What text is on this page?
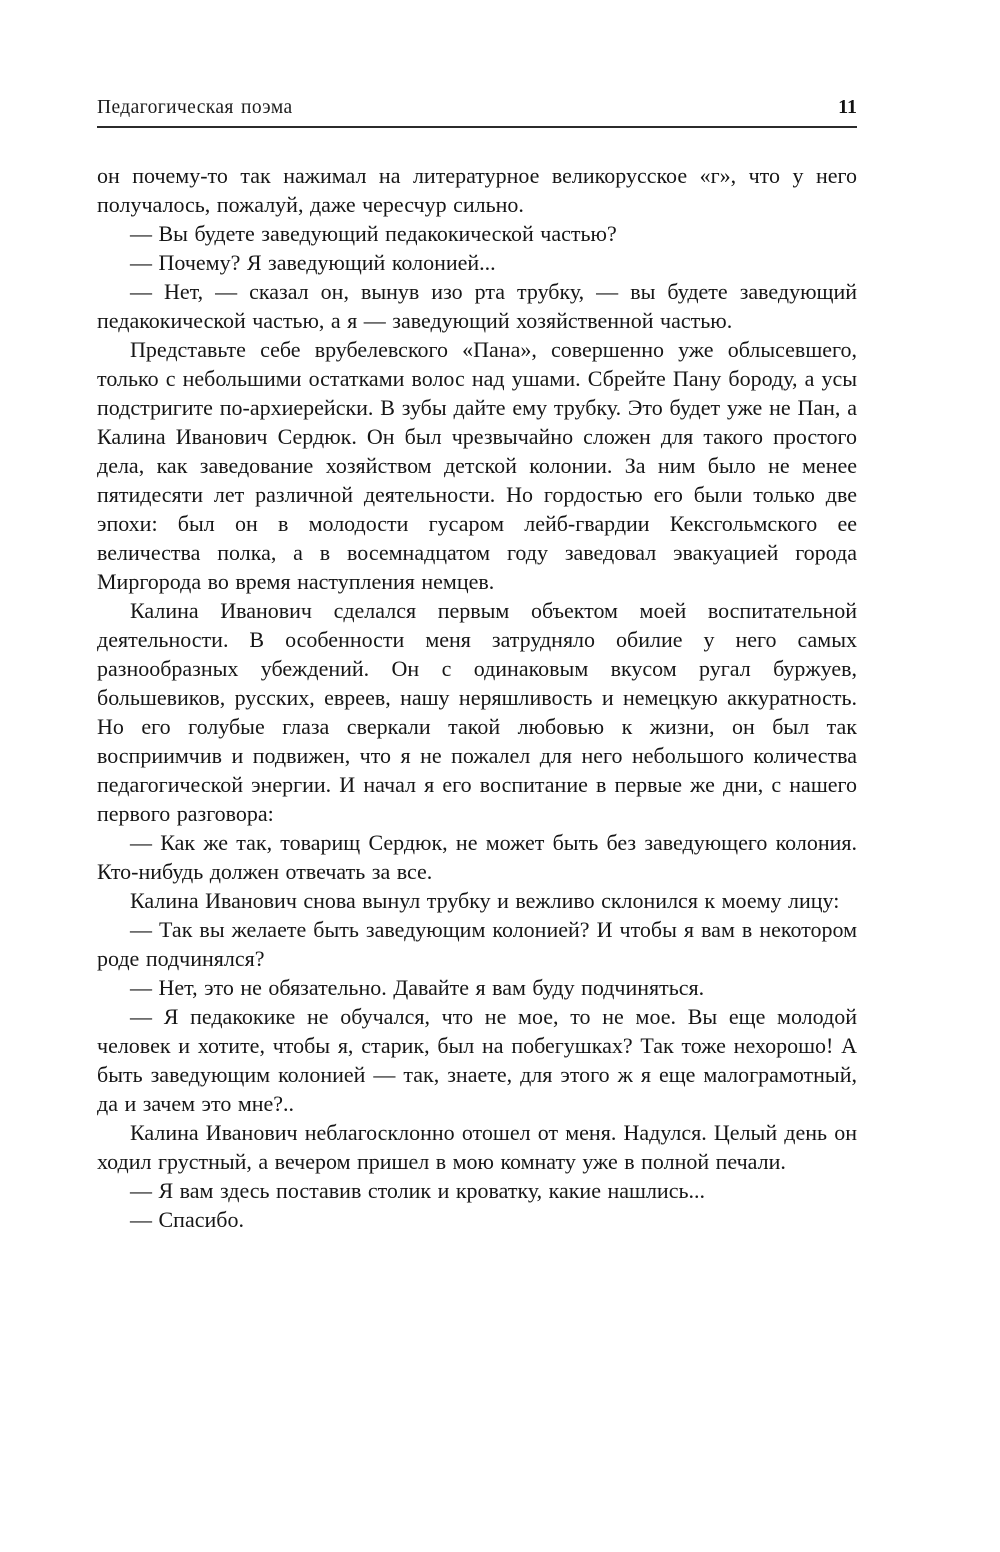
Педагогическая поэма	11

он почему-то так нажимал на литературное великорусское «г», что у него получалось, пожалуй, даже чересчур сильно.

— Вы будете заведующий педакокической частью?

— Почему? Я заведующий колонией...

— Нет, — сказал он, вынув изо рта трубку, — вы будете заведующий педакокической частью, а я — заведующий хозяйственной частью.

Представьте себе врубелевского «Пана», совершенно уже облысевшего, только с небольшими остатками волос над ушами. Сбрейте Пану бороду, а усы подстригите по-архиерейски. В зубы дайте ему трубку. Это будет уже не Пан, а Калина Иванович Сердюк. Он был чрезвычайно сложен для такого простого дела, как заведование хозяйством детской колонии. За ним было не менее пятидесяти лет различной деятельности. Но гордостью его были только две эпохи: был он в молодости гусаром лейб-гвардии Кексгольмского ее величества полка, а в восемнадцатом году заведовал эвакуацией города Миргорода во время наступления немцев.

Калина Иванович сделался первым объектом моей воспитательной деятельности. В особенности меня затрудняло обилие у него самых разнообразных убеждений. Он с одинаковым вкусом ругал буржуев, большевиков, русских, евреев, нашу неряшливость и немецкую аккуратность. Но его голубые глаза сверкали такой любовью к жизни, он был так восприимчив и подвижен, что я не пожалел для него небольшого количества педагогической энергии. И начал я его воспитание в первые же дни, с нашего первого разговора:

— Как же так, товарищ Сердюк, не может быть без заведующего колония. Кто-нибудь должен отвечать за все.

Калина Иванович снова вынул трубку и вежливо склонился к моему лицу:

— Так вы желаете быть заведующим колонией? И чтобы я вам в некотором роде подчинялся?

— Нет, это не обязательно. Давайте я вам буду подчиняться.

— Я педакокике не обучался, что не мое, то не мое. Вы еще молодой человек и хотите, чтобы я, старик, был на побегушках? Так тоже нехорошо! А быть заведующим колонией — так, знаете, для этого ж я еще малограмотный, да и зачем это мне?..

Калина Иванович неблагосклонно отошел от меня. Надулся. Целый день он ходил грустный, а вечером пришел в мою комнату уже в полной печали.

— Я вам здесь поставив столик и кроватку, какие нашлись...

— Спасибо.
